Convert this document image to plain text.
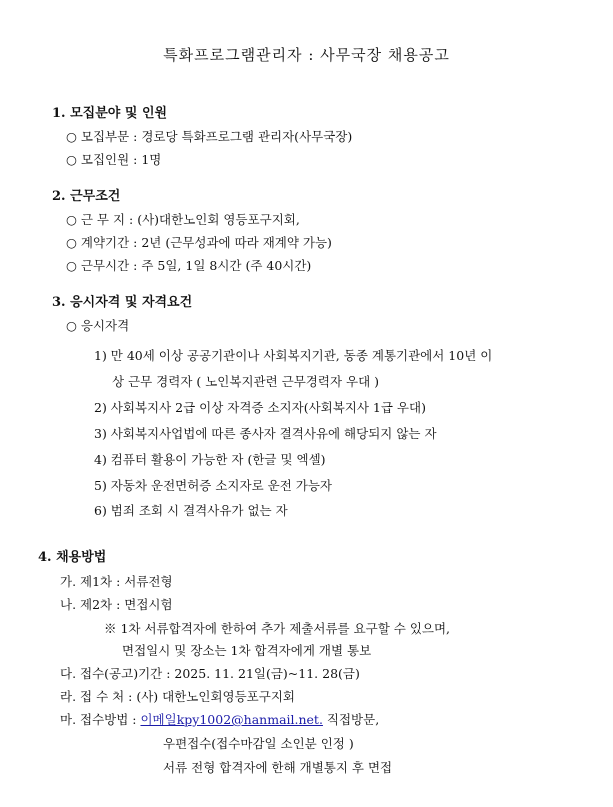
특화프로그램관리자 : 사무국장 채용공고
1. 모집분야 및 인원
○ 모집부문 : 경로당 특화프로그램 관리자(사무국장)
○ 모집인원 : 1명
2. 근무조건
○ 근 무 지 : (사)대한노인회 영등포구지회,
○ 계약기간 : 2년 (근무성과에 따라 재계약 가능)
○ 근무시간 : 주 5일, 1일 8시간 (주 40시간)
3. 응시자격 및 자격요건
○ 응시자격
1) 만 40세 이상 공공기관이나 사회복지기관, 동종 계통기관에서 10년 이
상 근무 경력자 ( 노인복지관련 근무경력자 우대 )
2) 사회복지사 2급 이상 자격증 소지자(사회복지사 1급 우대)
3) 사회복지사업법에 따른 종사자 결격사유에 해당되지 않는 자
4) 컴퓨터 활용이 가능한 자 (한글 및 엑셀)
5) 자동차 운전면허증 소지자로 운전 가능자
6) 범죄 조회 시 결격사유가 없는 자
4. 채용방법
가. 제1차 : 서류전형
나. 제2차 : 면접시험
※ 1차 서류합격자에 한하여 추가 제출서류를 요구할 수 있으며,
면접일시 및 장소는 1차 합격자에게 개별 통보
다. 접수(공고)기간 : 2025. 11. 21일(금)~11. 28(금)
라. 접 수 처 : (사) 대한노인회영등포구지회
마. 접수방법 : 이메일kpy1002@hanmail.net. 직접방문,
우편접수(접수마감일 소인분 인정 )
서류 전형 합격자에 한해 개별통지 후 면접
